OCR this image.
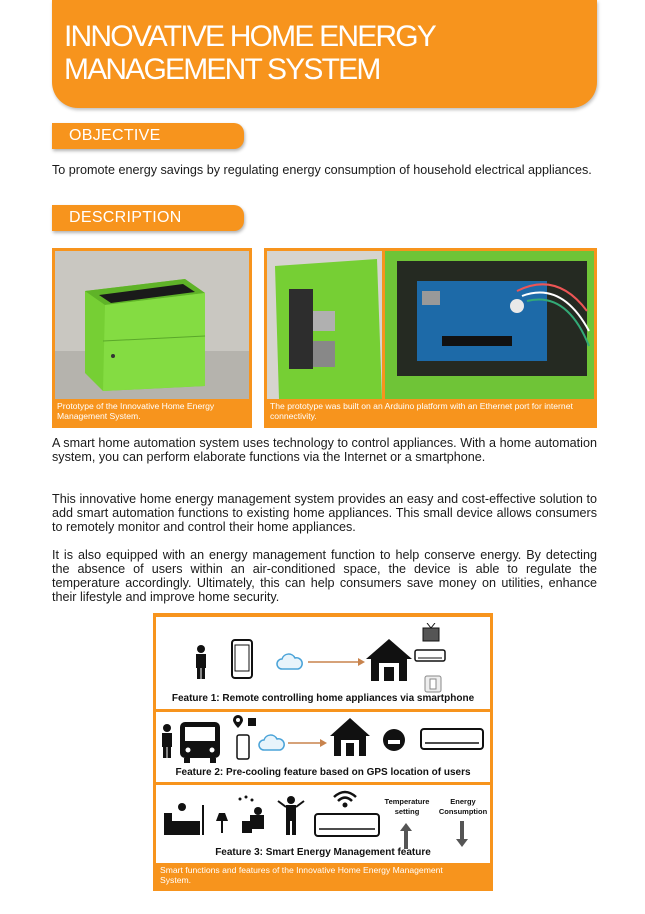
INNOVATIVE HOME ENERGY
MANAGEMENT SYSTEM
OBJECTIVE
To promote energy savings by regulating energy consumption of household electrical appliances.
DESCRIPTION
Prototype of the Innovative Home Energy Management System.
The prototype was built on an Arduino platform with an Ethernet port for internet connectivity.
A smart home automation system uses technology to control appliances. With a home automation system, you can perform elaborate functions via the Internet or a smartphone.
This innovative home energy management system provides an easy and cost-effective solution to add smart automation functions to existing home appliances. This small device allows consumers to remotely monitor and control their home appliances.
It is also equipped with an energy management function to help conserve energy. By detecting the absence of users within an air-conditioned space, the device is able to regulate the temperature accordingly. Ultimately, this can help consumers save money on utilities, enhance their lifestyle and improve home security.
Feature 1: Remote controlling home appliances via smartphone
Feature 2: Pre-cooling feature based on GPS location of users
Temperature
setting
Energy
Consumption
Feature 3: Smart Energy Management feature
Smart functions and features of the Innovative Home Energy Management System.
